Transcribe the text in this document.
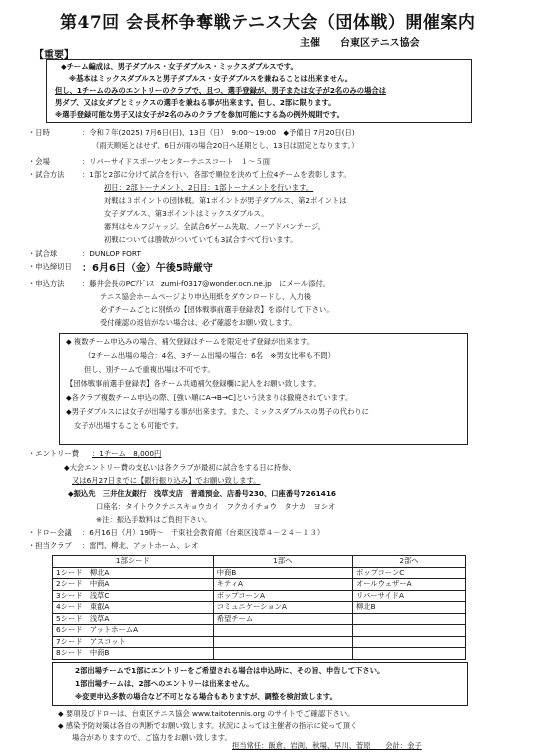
第47回 会長杯争奪戦テニス大会（団体戦）開催案内
主催　　台東区テニス協会
【重要】
◆チーム編成は、男子ダブルス・女子ダブルス・ミックスダブルスです。
※基本はミックスダブルスと男子ダブルス・女子ダブルスを兼ねることは出来ません。
但し、1チームのみのエントリーのクラブで、且つ、選手登録が、男子または女子が2名のみの場合は
男ダブ、又は女ダブとミックスの選手を兼ねる事が出来ます。但し、2部に限ります。
※選手登録可能な男子又は女子が2名のみのクラブを参加可能にする為の例外規則です。
・日時	：令和７年(2025) 7月6日(日)、13日（日）　9:00～19:00　◆予備日 7月20日(日)
（雨天順延とはせず、6日が雨の場合20日へ延期とし、13日は固定となります。）
・会場	：リバーサイドスポーツセンターテニスコート　１～５面
・試合方法 ：1部と2部に分けて試合を行い、各部で順位を決めて上位4チームを表彰します。
初日：2部トーナメント、2日目：1部トーナメントを行います。
対戦は３ポイントの団体戦。第1ポイントが男子ダブルス、第2ポイントは
女子ダブルス、第3ポイントはミックスダブルス。
審判はセルフジャッジ。全試合6ゲーム先取、ノーアドバンテージ。
初戦については勝敗がついていても3試合すべて行います。
・試合球	：DUNLOP FORT
・申込締切日 ：6月6日（金）午後5時厳守
・申込方法 ：藤井会長のPCｱﾄﾞﾚｽ　zumi-f0317@wonder.ocn.ne.jp　にメール添付。
テニス協会ホームページより申込用紙をダウンロードし、入力後
必ずチームごとに別紙の【団体戦事前選手登録表】を添付して下さい。
受付確認の返信がない場合は、必ず確認をお願い致します。
◆ 複数チーム申込みの場合、補欠登録はチームを限定せず登録が出来ます。
（2チーム出場の場合：4名、3チーム出場の場合：6名　※男女比率も不問）
但し、別チームで重複出場は不可です。
【団体戦事前選手登録表】各チーム共通補欠登録欄に記入をお願い致します。
◆各クラブ複数チーム申込の際、[強い順にA→B→C]という決まりは撤廃されています。
◆男子ダブルスには女子が出場する事が出来ます。また、ミックスダブルスの男子の代わりに
女子が出場することも可能です。
・エントリー費 ：1チーム　8,000円
◆大会エントリー費の支払いは各クラブが最初に試合をする日に持参、
又は6月27日までに【銀行振り込み】でお願い致します。
◆振込先　三井住友銀行　浅草支店　普通預金、店番号230、口座番号7261416
口座名：タイトウクテニスキョウカイ　フクカイチョウ　タナカ　ヨシオ
※注：振込手数料はご負担下さい。
・ドロー会議 ：6月16日（月）19時～　千束社会教育館（台東区浅草４－２４－１３）
・担当クラブ ：雷門、柳北、アットホーム、レオ
1部シード	1部へ	2部へ
1シード　柳北A	中商B	ボップコーンC
2シード　中商A	キティA	オールウェザーA
3シード　浅草C	ボップコーンA	リバーサイドA
4シード　東叡A	コミュニケーションA	柳北B
5シード　浅草A	希望チーム	
6シード　アットホームA		
7シード　アスコット		
8シード　中商B		
2部出場チームで1部にエントリーをご希望される場合は申込時に、その旨、申告して下さい。
1部出場チームは、2部へのエントリーは出来ません。
※変更申込多数の場合など不可となる場合もありますが、調整を検討致します。
◆ 要項及びドローは、台東区テニス協会 www.taitotennis.org のサイトでご確認下さい。
◆ 感染予防対策は各自の判断でお願い致します。状況によっては主催者の指示に従って頂く
場合がありますので、ご協力をお願い致します。
担当常任：飯倉、岩渕、秋場、早川、菅原　　会計：金子
